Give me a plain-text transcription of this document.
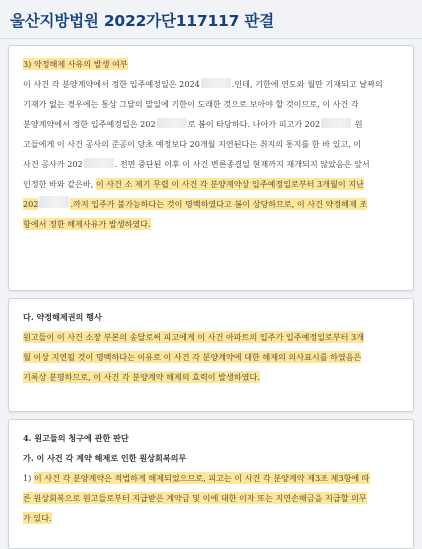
울산지방법원 2022가단117117 판결
3) 약정해제 사유의 발생 여부
이 사건 각 분양계약에서 정한 입주예정일은 2024	.인데, 기한에 연도와 월만 기재되고 날짜의
기재가 없는 경우에는 통상 그달의 말일에 기한이 도래한 것으로 보아야 할 것이므로, 이 사건 각
분양계약에서 정한 입주예정일은 202	로 봄이 타당하다. 나아가 피고가 202	원
고들에게 이 사건 공사의 준공이 당초 예정보다 20개월 지연된다는 취지의 통지를 한 바 있고, 이
사건 공사가 202	. 전면 중단된 이후 이 사건 변론종결일 현재까지 재개되지 않았음은 앞서
인정한 바와 같은바, 이 사건 소 제기 무렵 이 사건 각 분양계약상 입주예정일로부터 3개월이 지난
202	.까지 입주가 불가능하다는 것이 명백하였다고 봄이 상당하므로, 이 사건 약정해제 조
항에서 정한 해제사유가 발생하였다.
다. 약정해제권의 행사
원고들이 이 사건 소장 부본의 송달로써 피고에게 이 사건 아파트의 입주가 입주예정일로부터 3개
월 이상 지연될 것이 명백하다는 이유로 이 사건 각 분양계약에 대한 해제의 의사표시를 하였음은
기록상 분명하므로, 이 사건 각 분양계약 해제의 효력이 발생하였다.
4. 원고들의 청구에 관한 판단
가. 이 사건 각 계약 해제로 인한 원상회복의무
1) 이 사건 각 분양계약은 적법하게 해제되었으므로, 피고는 이 사건 각 분양계약 제3조 제3항에 따
른 원상회복으로 원고들로부터 지급받은 계약금 및 이에 대한 이자 또는 지연손해금을 지급할 의무
가 있다.
